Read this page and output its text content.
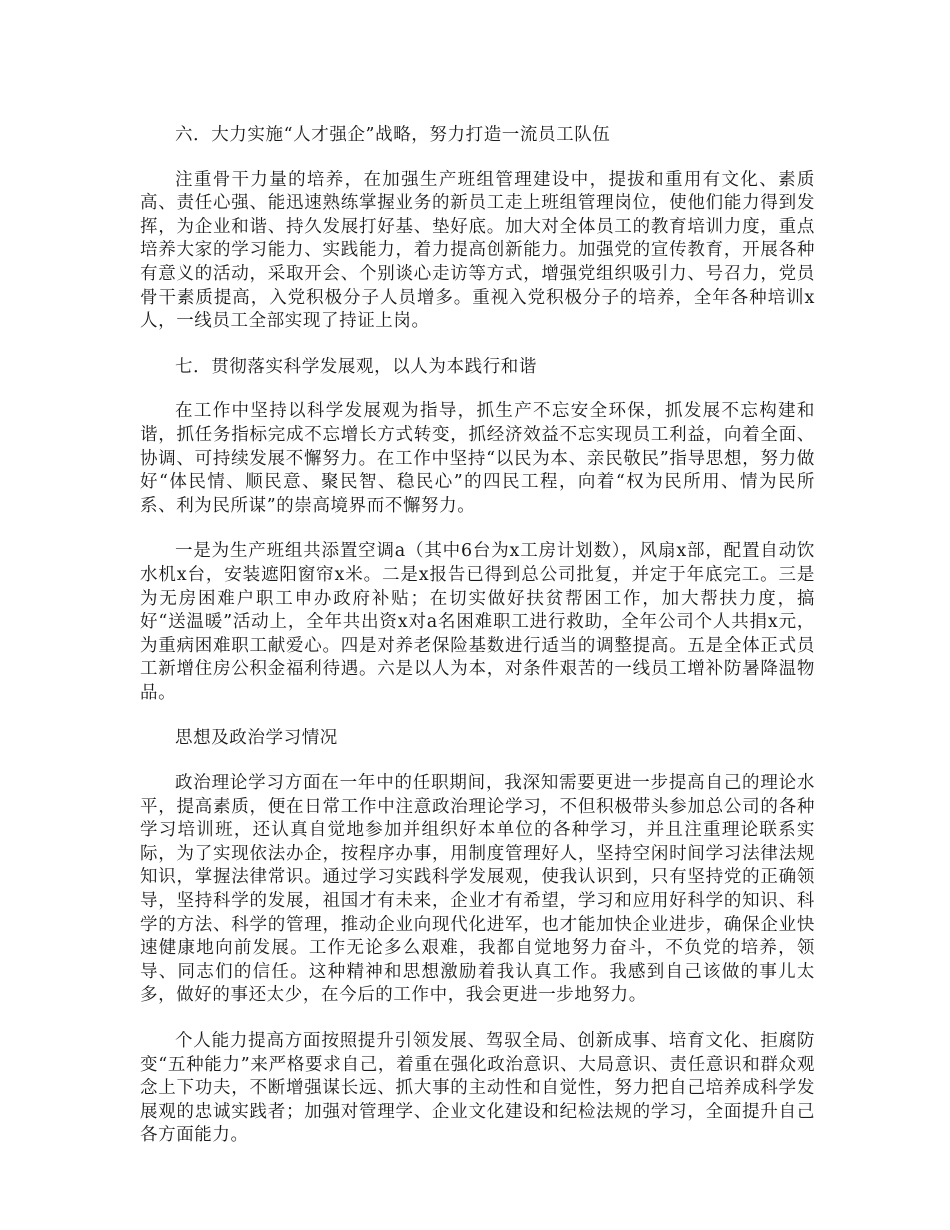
六．大力实施“人才强企”战略，努力打造一流员工队伍

注重骨干力量的培养，在加强生产班组管理建设中，提拔和重用有文化、素质高、责任心强、能迅速熟练掌握业务的新员工走上班组管理岗位，使他们能力得到发挥，为企业和谐、持久发展打好基、垫好底。加大对全体员工的教育培训力度，重点培养大家的学习能力、实践能力，着力提高创新能力。加强党的宣传教育，开展各种有意义的活动，采取开会、个别谈心走访等方式，增强党组织吸引力、号召力，党员骨干素质提高，入党积极分子人员增多。重视入党积极分子的培养，全年各种培训x人，一线员工全部实现了持证上岗。

七．贯彻落实科学发展观，以人为本践行和谐

在工作中坚持以科学发展观为指导，抓生产不忘安全环保，抓发展不忘构建和谐，抓任务指标完成不忘增长方式转变，抓经济效益不忘实现员工利益，向着全面、协调、可持续发展不懈努力。在工作中坚持“以民为本、亲民敬民”指导思想，努力做好“体民情、顺民意、聚民智、稳民心”的四民工程，向着“权为民所用、情为民所系、利为民所谋”的崇高境界而不懈努力。

一是为生产班组共添置空调a（其中6台为x工房计划数），风扇x部，配置自动饮水机x台，安装遮阳窗帘x米。二是x报告已得到总公司批复，并定于年底完工。三是为无房困难户职工申办政府补贴；在切实做好扶贫帮困工作，加大帮扶力度，搞好“送温暖”活动上，全年共出资x对a名困难职工进行救助，全年公司个人共捐x元，为重病困难职工献爱心。四是对养老保险基数进行适当的调整提高。五是全体正式员工新增住房公积金福利待遇。六是以人为本，对条件艰苦的一线员工增补防暑降温物品。

思想及政治学习情况

政治理论学习方面在一年中的任职期间，我深知需要更进一步提高自己的理论水平，提高素质，便在日常工作中注意政治理论学习，不但积极带头参加总公司的各种学习培训班，还认真自觉地参加并组织好本单位的各种学习，并且注重理论联系实际，为了实现依法办企，按程序办事，用制度管理好人，坚持空闲时间学习法律法规知识，掌握法律常识。通过学习实践科学发展观，使我认识到，只有坚持党的正确领导，坚持科学的发展，祖国才有未来，企业才有希望，学习和应用好科学的知识、科学的方法、科学的管理，推动企业向现代化进军，也才能加快企业进步，确保企业快速健康地向前发展。工作无论多么艰难，我都自觉地努力奋斗，不负党的培养，领导、同志们的信任。这种精神和思想激励着我认真工作。我感到自己该做的事儿太多，做好的事还太少，在今后的工作中，我会更进一步地努力。

个人能力提高方面按照提升引领发展、驾驭全局、创新成事、培育文化、拒腐防变“五种能力”来严格要求自己，着重在强化政治意识、大局意识、责任意识和群众观念上下功夫，不断增强谋长远、抓大事的主动性和自觉性，努力把自己培养成科学发展观的忠诚实践者；加强对管理学、企业文化建设和纪检法规的学习，全面提升自己各方面能力。
